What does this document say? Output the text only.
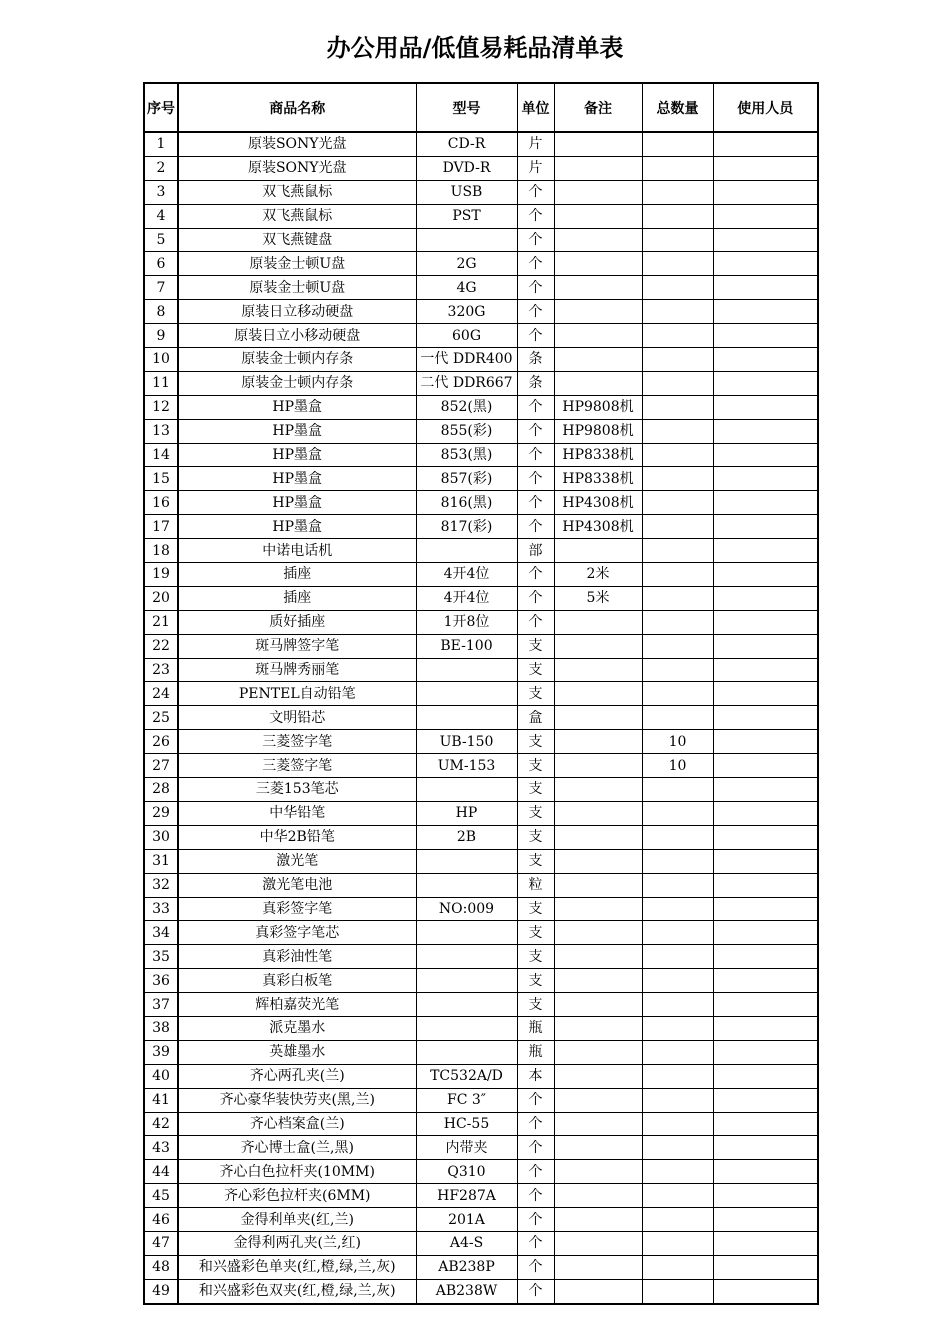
办公用品/低值易耗品清单表
序号	商品名称	型号	单位	备注	总数量	使用人员
1	原装SONY光盘	CD-R	片			
2	原装SONY光盘	DVD-R	片			
3	双飞燕鼠标	USB	个			
4	双飞燕鼠标	PST	个			
5	双飞燕键盘		个			
6	原装金士顿U盘	2G	个			
7	原装金士顿U盘	4G	个			
8	原装日立移动硬盘	320G	个			
9	原装日立小移动硬盘	60G	个			
10	原装金士顿内存条	一代 DDR400	条			
11	原装金士顿内存条	二代 DDR667	条			
12	HP墨盒	852(黑)	个	HP9808机		
13	HP墨盒	855(彩)	个	HP9808机		
14	HP墨盒	853(黑)	个	HP8338机		
15	HP墨盒	857(彩)	个	HP8338机		
16	HP墨盒	816(黑)	个	HP4308机		
17	HP墨盒	817(彩)	个	HP4308机		
18	中诺电话机		部			
19	插座	4开4位	个	2米		
20	插座	4开4位	个	5米		
21	质好插座	1开8位	个			
22	斑马牌签字笔	BE-100	支			
23	斑马牌秀丽笔		支			
24	PENTEL自动铅笔		支			
25	文明铅芯		盒			
26	三菱签字笔	UB-150	支		10	
27	三菱签字笔	UM-153	支		10	
28	三菱153笔芯		支			
29	中华铅笔	HP	支			
30	中华2B铅笔	2B	支			
31	激光笔		支			
32	激光笔电池		粒			
33	真彩签字笔	NO:009	支			
34	真彩签字笔芯		支			
35	真彩油性笔		支			
36	真彩白板笔		支			
37	辉柏嘉荧光笔		支			
38	派克墨水		瓶			
39	英雄墨水		瓶			
40	齐心两孔夹(兰)	TC532A/D	本			
41	齐心豪华装快劳夹(黑,兰)	FC 3″	个			
42	齐心档案盒(兰)	HC-55	个			
43	齐心博士盒(兰,黑)	内带夹	个			
44	齐心白色拉杆夹(10MM)	Q310	个			
45	齐心彩色拉杆夹(6MM)	HF287A	个			
46	金得利单夹(红,兰)	201A	个			
47	金得利两孔夹(兰,红)	A4-S	个			
48	和兴盛彩色单夹(红,橙,绿,兰,灰)	AB238P	个			
49	和兴盛彩色双夹(红,橙,绿,兰,灰)	AB238W	个			
